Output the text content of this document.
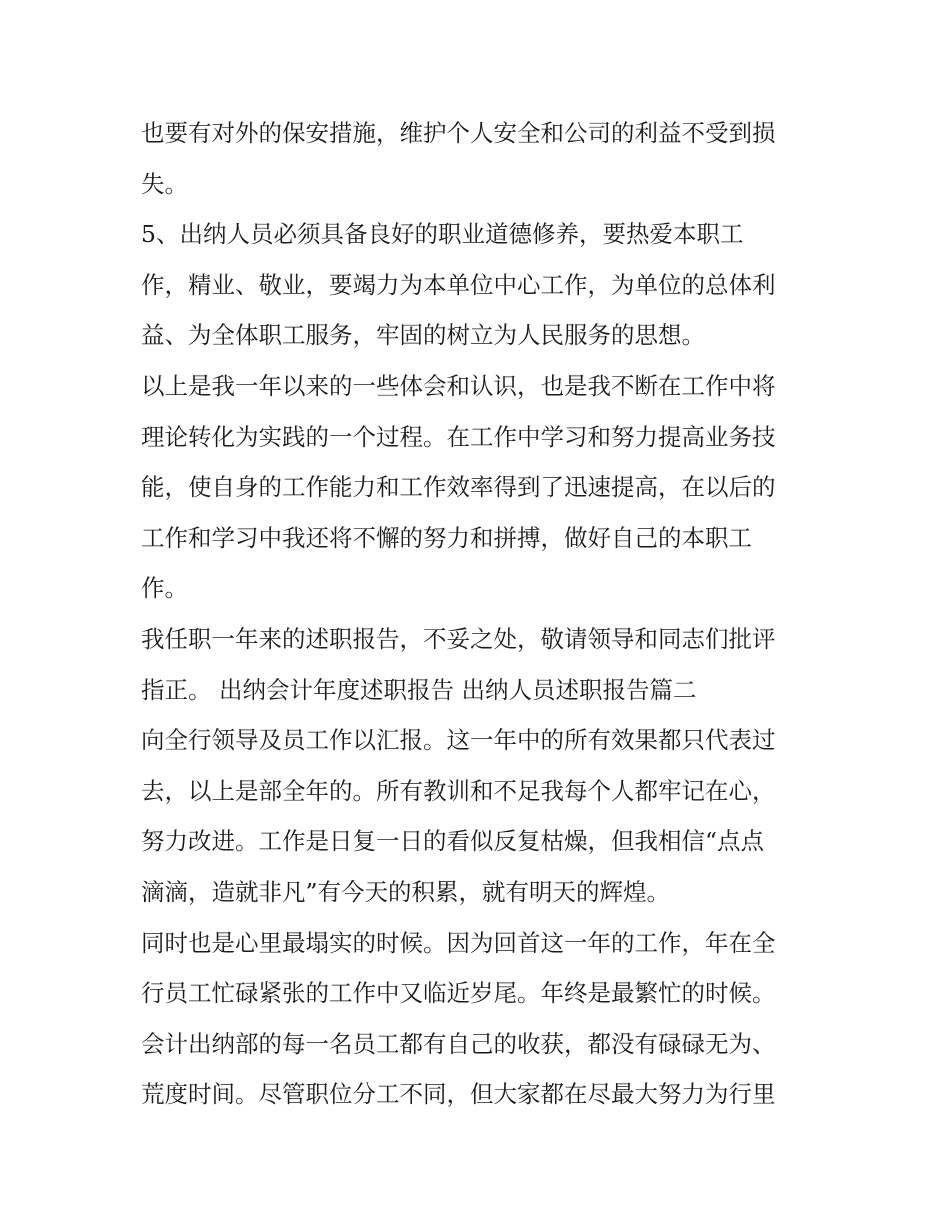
也要有对外的保安措施，维护个人安全和公司的利益不受到损
失。
5、出纳人员必须具备良好的职业道德修养，要热爱本职工
作，精业、敬业，要竭力为本单位中心工作，为单位的总体利
益、为全体职工服务，牢固的树立为人民服务的思想。
以上是我一年以来的一些体会和认识，也是我不断在工作中将
理论转化为实践的一个过程。在工作中学习和努力提高业务技
能，使自身的工作能力和工作效率得到了迅速提高，在以后的
工作和学习中我还将不懈的努力和拼搏，做好自己的本职工
作。
我任职一年来的述职报告，不妥之处，敬请领导和同志们批评
指正。 出纳会计年度述职报告 出纳人员述职报告篇二
向全行领导及员工作以汇报。这一年中的所有效果都只代表过
去，以上是部全年的。所有教训和不足我每个人都牢记在心，
努力改进。工作是日复一日的看似反复枯燥，但我相信“点点
滴滴，造就非凡”有今天的积累，就有明天的辉煌。
同时也是心里最塌实的时候。因为回首这一年的工作，年在全
行员工忙碌紧张的工作中又临近岁尾。年终是最繁忙的时候。
会计出纳部的每一名员工都有自己的收获，都没有碌碌无为、
荒度时间。尽管职位分工不同，但大家都在尽最大努力为行里
